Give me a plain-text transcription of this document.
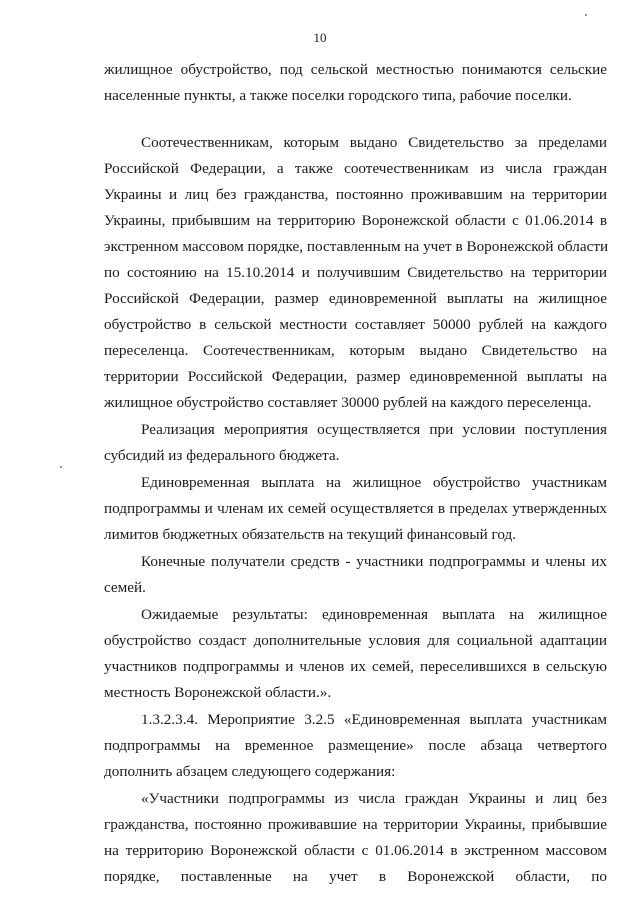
10
жилищное обустройство, под сельской местностью понимаются сельские
населенные пункты, а также поселки городского типа, рабочие поселки.
Соотечественникам, которым выдано Свидетельство за пределами
Российской Федерации, а также соотечественникам из числа граждан
Украины и лиц без гражданства, постоянно проживавшим на территории
Украины, прибывшим на территорию Воронежской области с 01.06.2014 в
экстренном массовом порядке, поставленным на учет в Воронежской области
по состоянию на 15.10.2014 и получившим Свидетельство на территории
Российской Федерации, размер единовременной выплаты на жилищное
обустройство в сельской местности составляет 50000 рублей на каждого
переселенца. Соотечественникам, которым выдано Свидетельство на
территории Российской Федерации, размер единовременной выплаты на
жилищное обустройство составляет 30000 рублей на каждого переселенца.
Реализация мероприятия осуществляется при условии поступления
субсидий из федерального бюджета.
Единовременная выплата на жилищное обустройство участникам
подпрограммы и членам их семей осуществляется в пределах утвержденных
лимитов бюджетных обязательств на текущий финансовый год.
Конечные получатели средств - участники подпрограммы и члены их
семей.
Ожидаемые результаты: единовременная выплата на жилищное
обустройство создаст дополнительные условия для социальной адаптации
участников подпрограммы и членов их семей, переселившихся в сельскую
местность Воронежской области.».
1.3.2.3.4. Мероприятие 3.2.5 «Единовременная выплата участникам
подпрограммы на временное размещение» после абзаца четвертого
дополнить абзацем следующего содержания:
«Участники подпрограммы из числа граждан Украины и лиц без
гражданства, постоянно проживавшие на территории Украины, прибывшие
на территорию Воронежской области с 01.06.2014 в экстренном массовом
порядке, поставленные на учет в Воронежской области, по
